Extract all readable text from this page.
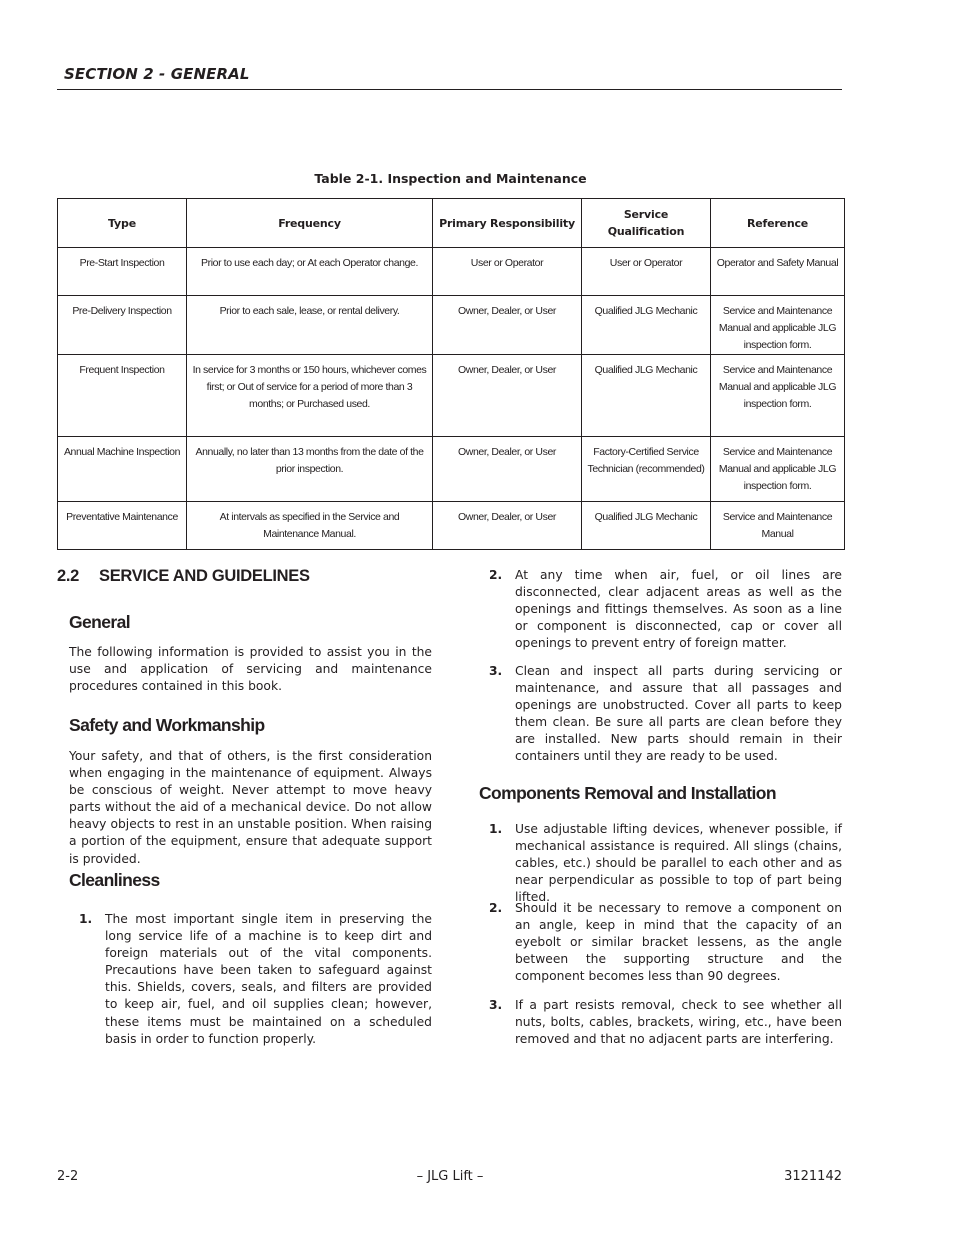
SECTION 2 - GENERAL
Table 2-1. Inspection and Maintenance
Type	Frequency	Primary Responsibility	Service Qualification	Reference
Pre-Start Inspection	Prior to use each day; or At each Operator change.	User or Operator	User or Operator	Operator and Safety Manual
Pre-Delivery Inspection	Prior to each sale, lease, or rental delivery.	Owner, Dealer, or User	Qualified JLG Mechanic	Service and Maintenance Manual and applicable JLG inspection form.
Frequent Inspection	In service for 3 months or 150 hours, whichever comes first; or Out of service for a period of more than 3 months; or Purchased used.	Owner, Dealer, or User	Qualified JLG Mechanic	Service and Maintenance Manual and applicable JLG inspection form.
Annual Machine Inspection	Annually, no later than 13 months from the date of the prior inspection.	Owner, Dealer, or User	Factory-Certified Service Technician (recommended)	Service and Maintenance Manual and applicable JLG inspection form.
Preventative Maintenance	At intervals as specified in the Service and Maintenance Manual.	Owner, Dealer, or User	Qualified JLG Mechanic	Service and Maintenance Manual
2.2 SERVICE AND GUIDELINES
General

The following information is provided to assist you in the use and application of servicing and maintenance procedures contained in this book.

Safety and Workmanship

Your safety, and that of others, is the first consideration when engaging in the maintenance of equipment. Always be conscious of weight. Never attempt to move heavy parts without the aid of a mechanical device. Do not allow heavy objects to rest in an unstable position. When raising a portion of the equipment, ensure that adequate support is provided.

Cleanliness
1. The most important single item in preserving the long service life of a machine is to keep dirt and foreign materials out of the vital components. Precautions have been taken to safeguard against this. Shields, covers, seals, and filters are provided to keep air, fuel, and oil supplies clean; however, these items must be maintained on a scheduled basis in order to function properly.
2. At any time when air, fuel, or oil lines are disconnected, clear adjacent areas as well as the openings and fittings themselves. As soon as a line or component is disconnected, cap or cover all openings to prevent entry of foreign matter.
3. Clean and inspect all parts during servicing or maintenance, and assure that all passages and openings are unobstructed. Cover all parts to keep them clean. Be sure all parts are clean before they are installed. New parts should remain in their containers until they are ready to be used.
Components Removal and Installation
1. Use adjustable lifting devices, whenever possible, if mechanical assistance is required. All slings (chains, cables, etc.) should be parallel to each other and as near perpendicular as possible to top of part being lifted.
2. Should it be necessary to remove a component on an angle, keep in mind that the capacity of an eyebolt or similar bracket lessens, as the angle between the supporting structure and the component becomes less than 90 degrees.
3. If a part resists removal, check to see whether all nuts, bolts, cables, brackets, wiring, etc., have been removed and that no adjacent parts are interfering.
2-2	– JLG Lift –	3121142
